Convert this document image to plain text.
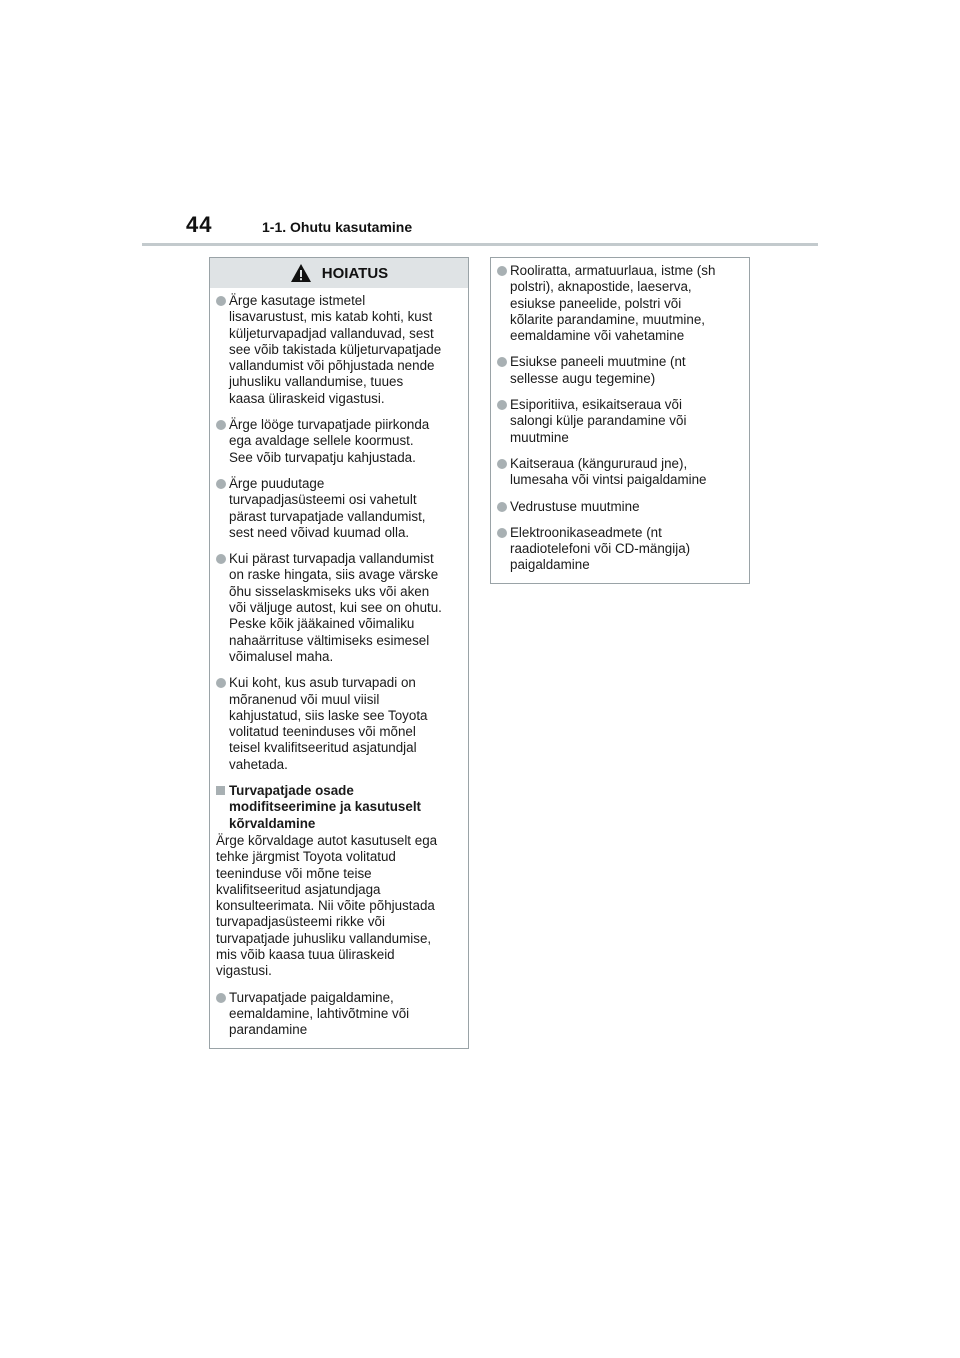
44	1-1. Ohutu kasutamine
HOIATUS
Ärge kasutage istmetel
lisavarustust, mis katab kohti, kust
küljeturvapadjad vallanduvad, sest
see võib takistada küljeturvapatjade
vallandumist või põhjustada nende
juhusliku vallandumise, tuues
kaasa üliraskeid vigastusi.
Ärge lööge turvapatjade piirkonda
ega avaldage sellele koormust.
See võib turvapatju kahjustada.
Ärge puudutage
turvapadjasüsteemi osi vahetult
pärast turvapatjade vallandumist,
sest need võivad kuumad olla.
Kui pärast turvapadja vallandumist
on raske hingata, siis avage värske
õhu sisselaskmiseks uks või aken
või väljuge autost, kui see on ohutu.
Peske kõik jääkained võimaliku
nahaärrituse vältimiseks esimesel
võimalusel maha.
Kui koht, kus asub turvapadi on
mõranenud või muul viisil
kahjustatud, siis laske see Toyota
volitatud teeninduses või mõnel
teisel kvalifitseeritud asjatundjal
vahetada.
Turvapatjade osade
modifitseerimine ja kasutuselt
kõrvaldamine
Ärge kõrvaldage autot kasutuselt ega
tehke järgmist Toyota volitatud
teeninduse või mõne teise
kvalifitseeritud asjatundjaga
konsulteerimata. Nii võite põhjustada
turvapadjasüsteemi rikke või
turvapatjade juhusliku vallandumise,
mis võib kaasa tuua üliraskeid
vigastusi.
Turvapatjade paigaldamine,
eemaldamine, lahtivõtmine või
parandamine
Rooliratta, armatuurlaua, istme (sh
polstri), aknapostide, laeserva,
esiukse paneelide, polstri või
kõlarite parandamine, muutmine,
eemaldamine või vahetamine
Esiukse paneeli muutmine (nt
sellesse augu tegemine)
Esiporitiiva, esikaitseraua või
salongi külje parandamine või
muutmine
Kaitseraua (kängururaud jne),
lumesaha või vintsi paigaldamine
Vedrustuse muutmine
Elektroonikaseadmete (nt
raadiotelefoni või CD-mängija)
paigaldamine
